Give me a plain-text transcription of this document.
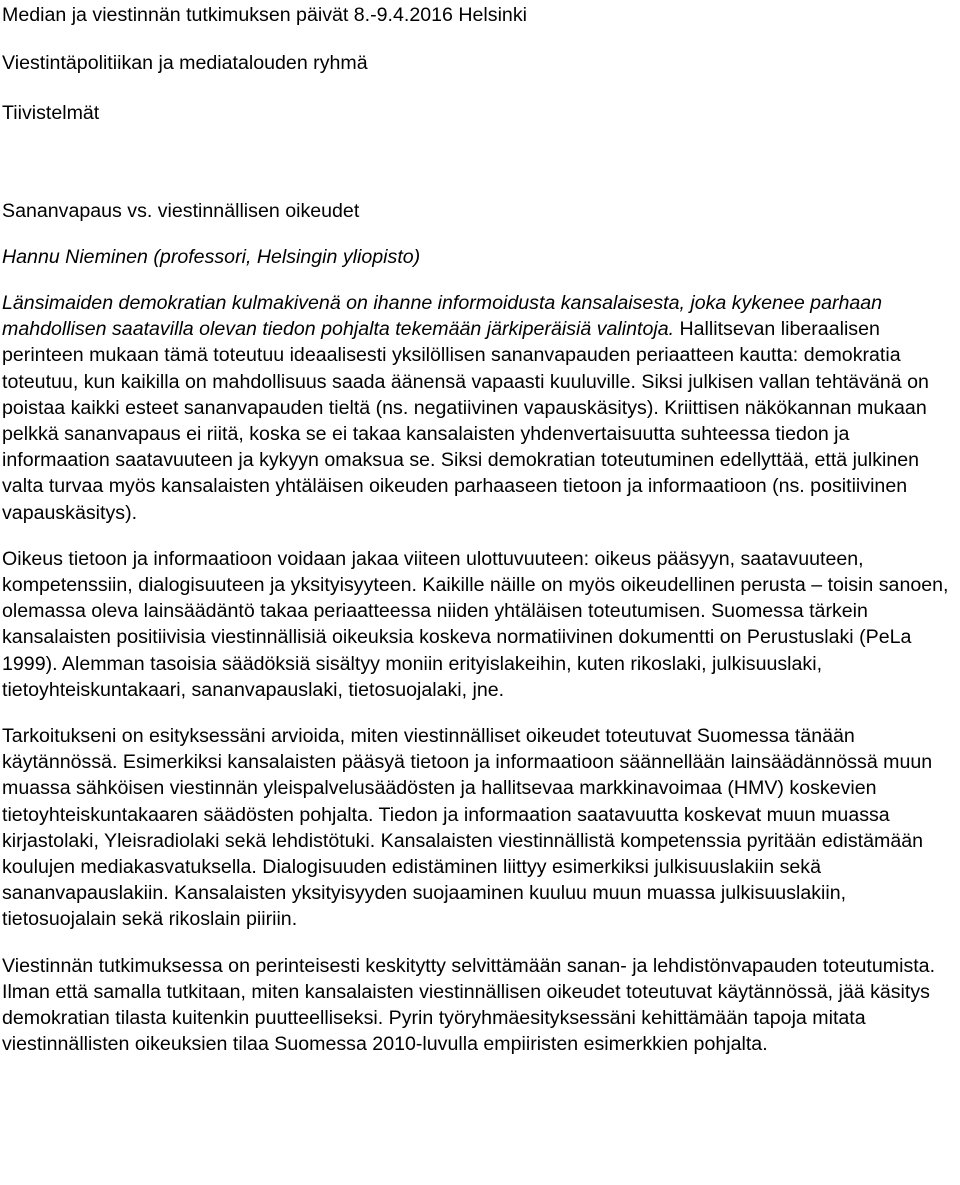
Median ja viestinnän tutkimuksen päivät 8.-9.4.2016 Helsinki

Viestintäpolitiikan ja mediatalouden ryhmä

Tiivistelmät

Sananvapaus vs. viestinnällisen oikeudet

Hannu Nieminen (professori, Helsingin yliopisto)

Länsimaiden demokratian kulmakivenä on ihanne informoidusta kansalaisesta, joka kykenee parhaan mahdollisen saatavilla olevan tiedon pohjalta tekemään järkiperäisiä valintoja. Hallitsevan liberaalisen perinteen mukaan tämä toteutuu ideaalisesti yksilöllisen sananvapauden periaatteen kautta: demokratia toteutuu, kun kaikilla on mahdollisuus saada äänensä vapaasti kuuluville. Siksi julkisen vallan tehtävänä on poistaa kaikki esteet sananvapauden tieltä (ns. negatiivinen vapauskäsitys). Kriittisen näkökannan mukaan pelkkä sananvapaus ei riitä, koska se ei takaa kansalaisten yhdenvertaisuutta suhteessa tiedon ja informaation saatavuuteen ja kykyyn omaksua se. Siksi demokratian toteutuminen edellyttää, että julkinen valta turvaa myös kansalaisten yhtäläisen oikeuden parhaaseen tietoon ja informaatioon (ns. positiivinen vapauskäsitys).

Oikeus tietoon ja informaatioon voidaan jakaa viiteen ulottuvuuteen: oikeus pääsyyn, saatavuuteen, kompetenssiin, dialogisuuteen ja yksityisyyteen. Kaikille näille on myös oikeudellinen perusta – toisin sanoen, olemassa oleva lainsäädäntö takaa periaatteessa niiden yhtäläisen toteutumisen. Suomessa tärkein kansalaisten positiivisia viestinnällisiä oikeuksia koskeva normatiivinen dokumentti on Perustuslaki (PeLa 1999). Alemman tasoisia säädöksiä sisältyy moniin erityislakeihin, kuten rikoslaki, julkisuuslaki, tietoyhteiskuntakaari, sananvapauslaki, tietosuojalaki, jne.

Tarkoitukseni on esityksessäni arvioida, miten viestinnälliset oikeudet toteutuvat Suomessa tänään käytännössä. Esimerkiksi kansalaisten pääsyä tietoon ja informaatioon säännellään lainsäädännössä muun muassa sähköisen viestinnän yleispalvelusäädösten ja hallitsevaa markkinavoimaa (HMV) koskevien tietoyhteiskuntakaaren säädösten pohjalta. Tiedon ja informaation saatavuutta koskevat muun muassa kirjastolaki, Yleisradiolaki sekä lehdistötuki. Kansalaisten viestinnällistä kompetenssia pyritään edistämään koulujen mediakasvatuksella. Dialogisuuden edistäminen liittyy esimerkiksi julkisuuslakiin sekä sananvapauslakiin. Kansalaisten yksityisyyden suojaaminen kuuluu muun muassa julkisuuslakiin, tietosuojalain sekä rikoslain piiriin.

Viestinnän tutkimuksessa on perinteisesti keskitytty selvittämään sanan- ja lehdistönvapauden toteutumista. Ilman että samalla tutkitaan, miten kansalaisten viestinnällisen oikeudet toteutuvat käytännössä, jää käsitys demokratian tilasta kuitenkin puutteelliseksi. Pyrin työryhmäesityksessäni kehittämään tapoja mitata viestinnällisten oikeuksien tilaa Suomessa 2010-luvulla empiiristen esimerkkien pohjalta.
